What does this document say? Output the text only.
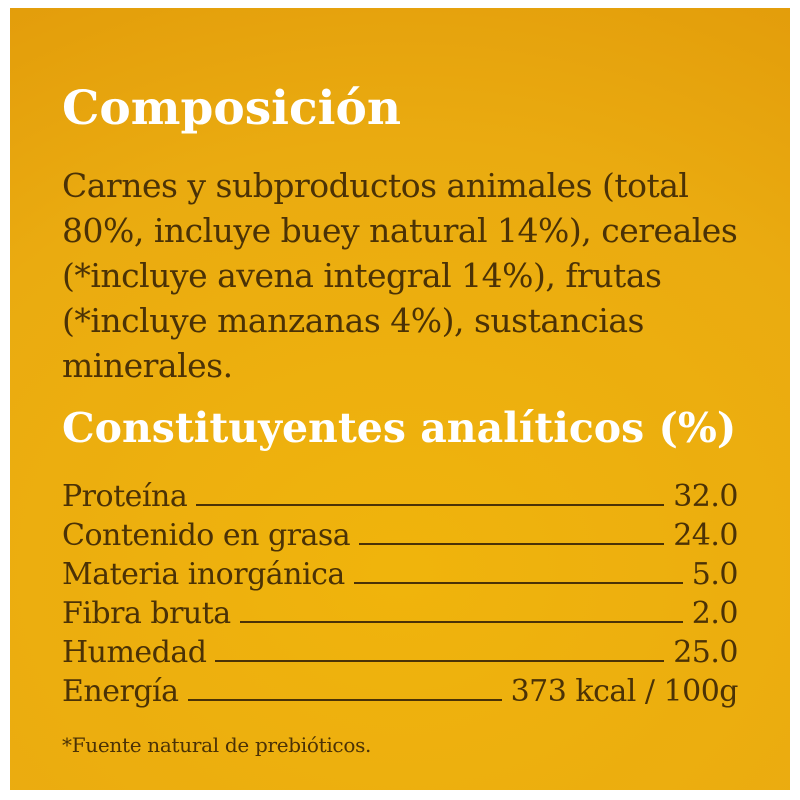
Composición

Carnes y subproductos animales (total 80%, incluye buey natural 14%), cereales (*incluye avena integral 14%), frutas (*incluye manzanas 4%), sustancias minerales.

Constituyentes analíticos (%)
Proteína	32.0
Contenido en grasa	24.0
Materia inorgánica	5.0
Fibra bruta	2.0
Humedad	25.0
Energía	373 kcal / 100g

*Fuente natural de prebióticos.
